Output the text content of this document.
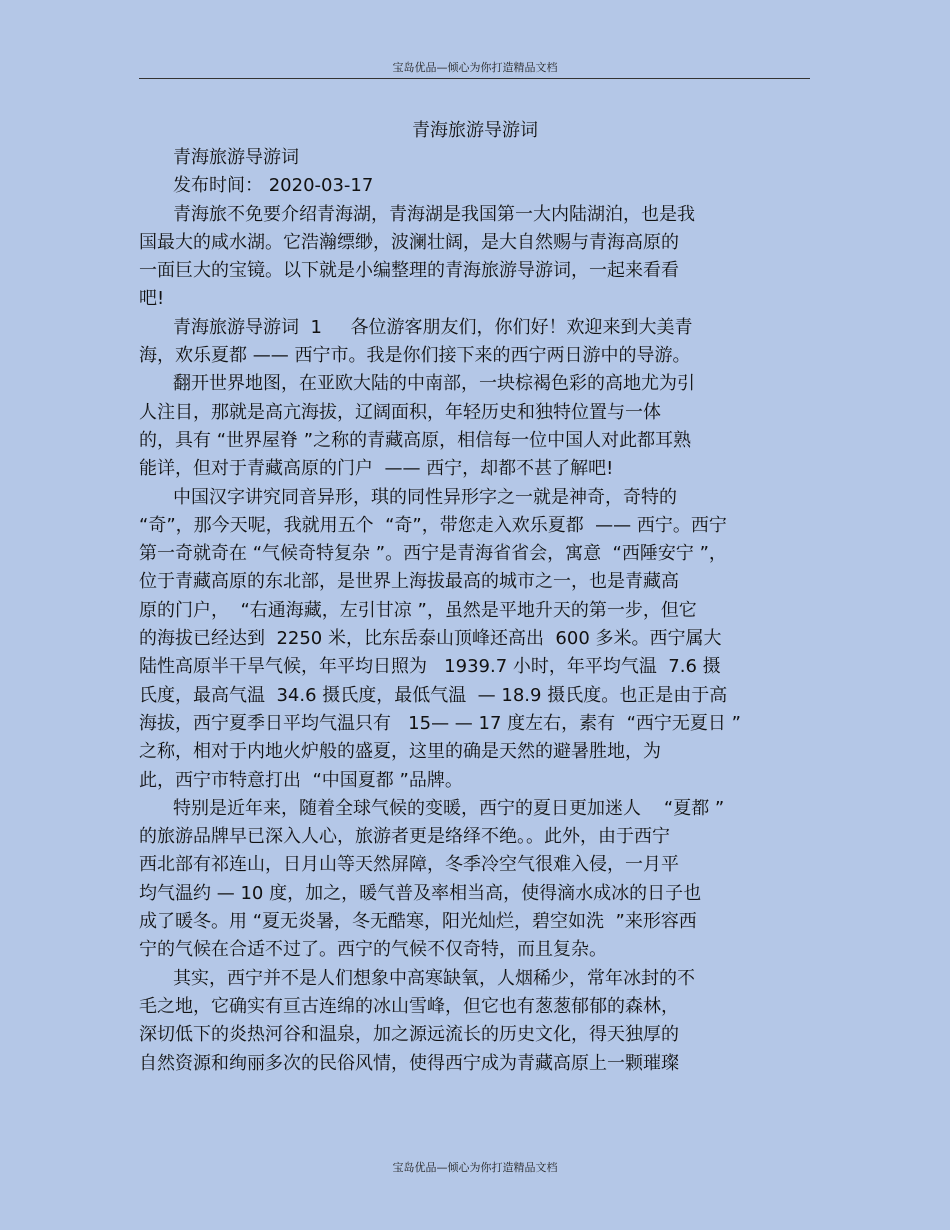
宝岛优品—倾心为你打造精品文档
青海旅游导游词
青海旅游导游词
发布时间： 2020-03-17
青海旅不免要介绍青海湖，青海湖是我国第一大内陆湖泊，也是我
国最大的咸水湖。它浩瀚缥缈，波澜壮阔，是大自然赐与青海高原的
一面巨大的宝镜。以下就是小编整理的青海旅游导游词，一起来看看
吧!
青海旅游导游词  1     各位游客朋友们，你们好！欢迎来到大美青
海，欢乐夏都 —— 西宁市。我是你们接下来的西宁两日游中的导游。
翻开世界地图，在亚欧大陆的中南部，一块棕褐色彩的高地尤为引
人注目，那就是高亢海拔，辽阔面积，年轻历史和独特位置与一体
的，具有 “世界屋脊 ”之称的青藏高原，相信每一位中国人对此都耳熟
能详，但对于青藏高原的门户  —— 西宁，却都不甚了解吧!
中国汉字讲究同音异形，琪的同性异形字之一就是神奇，奇特的
“奇”，那今天呢，我就用五个  “奇”，带您走入欢乐夏都  —— 西宁。西宁
第一奇就奇在 “气候奇特复杂 ”。西宁是青海省省会，寓意  “西陲安宁 ”，
位于青藏高原的东北部，是世界上海拔最高的城市之一，也是青藏高
原的门户，  “右通海藏，左引甘凉 ”，虽然是平地升天的第一步，但它
的海拔已经达到  2250 米，比东岳泰山顶峰还高出  600 多米。西宁属大
陆性高原半干旱气候，年平均日照为   1939.7 小时，年平均气温  7.6 摄
氏度，最高气温  34.6 摄氏度，最低气温  — 18.9 摄氏度。也正是由于高
海拔，西宁夏季日平均气温只有   15— — 17 度左右，素有  “西宁无夏日 ”
之称，相对于内地火炉般的盛夏，这里的确是天然的避暑胜地，为
此，西宁市特意打出  “中国夏都 ”品牌。
特别是近年来，随着全球气候的变暖，西宁的夏日更加迷人    “夏都 ”
的旅游品牌早已深入人心，旅游者更是络绎不绝。。此外，由于西宁
西北部有祁连山，日月山等天然屏障，冬季冷空气很难入侵，一月平
均气温约 — 10 度，加之，暖气普及率相当高，使得滴水成冰的日子也
成了暖冬。用 “夏无炎暑，冬无酷寒，阳光灿烂，碧空如洗  ”来形容西
宁的气候在合适不过了。西宁的气候不仅奇特，而且复杂。
其实，西宁并不是人们想象中高寒缺氧，人烟稀少，常年冰封的不
毛之地，它确实有亘古连绵的冰山雪峰，但它也有葱葱郁郁的森林，
深切低下的炎热河谷和温泉，加之源远流长的历史文化，得天独厚的
自然资源和绚丽多次的民俗风情，使得西宁成为青藏高原上一颗璀璨
宝岛优品—倾心为你打造精品文档
